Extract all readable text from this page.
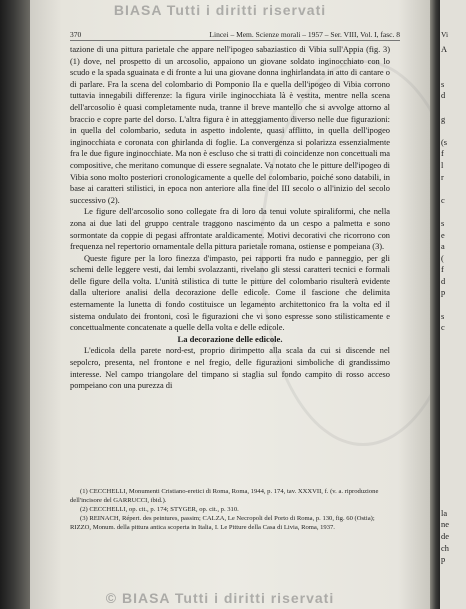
BIASA Tutti i diritti riservati
370	Lincei – Mem. Scienze morali – 1957 – Ser. VIII, Vol. I, fasc. 8

tazione di una pittura parietale che appare nell'ipogeo sabaziastico di Vibia sull'Appia (fig. 3) (1) dove, nel prospetto di un arcosolio, appaiono un giovane soldato inginocchiato con lo scudo e la spada sguainata e di fronte a lui una giovane donna inghirlandata in atto di cantare o di parlare. Fra la scena del colombario di Pomponio Ila e quella dell'ipogeo di Vibia corrono tuttavia innegabili differenze: la figura virile inginocchiata là è vestita, mentre nella scena dell'arcosolio è quasi completamente nuda, tranne il breve mantello che si avvolge attorno al braccio e copre parte del dorso. L'altra figura è in atteggiamento diverso nelle due figurazioni: in quella del colombario, seduta in aspetto indolente, quasi afflitto, in quella dell'ipogeo inginocchiata e coronata con ghirlanda di foglie. La convergenza si polarizza essenzialmente fra le due figure inginocchiate. Ma non è escluso che si tratti di coincidenze non concettuali ma compositive, che meritano comunque di essere segnalate. Va notato che le pitture dell'ipogeo di Vibia sono molto posteriori cronologicamente a quelle del colombario, poiché sono databili, in base ai caratteri stilistici, in epoca non anteriore alla fine del III secolo o all'inizio del secolo successivo (2).

Le figure dell'arcosolio sono collegate fra di loro da tenui volute spiraliformi, che nella zona ai due lati del gruppo centrale traggono nascimento da un cespo a palmetta e sono sormontate da coppie di pegasi affrontate araldicamente. Motivi decorativi che ricorrono con frequenza nel repertorio ornamentale della pittura parietale romana, ostiense e pompeiana (3).

Queste figure per la loro finezza d'impasto, pei rapporti fra nudo e panneggio, per gli schemi delle leggere vesti, dai lembi svolazzanti, rivelano gli stessi caratteri tecnici e formali delle figure della volta. L'unità stilistica di tutte le pitture del colombario risulterà evidente dalla ulteriore analisi della decorazione delle edicole. Come il fascione che delimita esternamente la lunetta di fondo costituisce un legamento architettonico fra la volta ed il sistema ondulato dei frontoni, così le figurazioni che vi sono espresse sono stilisticamente e concettualmente concatenate a quelle della volta e delle edicole.

La decorazione delle edicole.

L'edicola della parete nord-est, proprio dirimpetto alla scala da cui si discende nel sepolcro, presenta, nel frontone e nel fregio, delle figurazioni simboliche di grandissimo interesse. Nel campo triangolare del timpano si staglia sul fondo campito di rosso acceso pompeiano con una purezza di

(1) CECCHELLI, Monumenti Cristiano-eretici di Roma, Roma, 1944, p. 174, tav. XXXVII, f. (v. a. riproduzione dell'incisore del GARRUCCI, ibid.).
(2) CECCHELLI, op. cit., p. 174; STYGER, op. cit., p. 310.
(3) REINACH, Répert. des peintures, passim; CALZA, Le Necropoli del Porto di Roma, p. 130, fig. 60 (Ostia); RIZZO, Monum. della pittura antica scoperta in Italia, I. Le Pitture della Casa di Livia, Roma, 1937.
Vi
A
s
d
g
(s
f
l
r
c
s
e
a
(
f
d
p
s
c
la
ne
de
ch
p
© BIASA Tutti i diritti riservati
